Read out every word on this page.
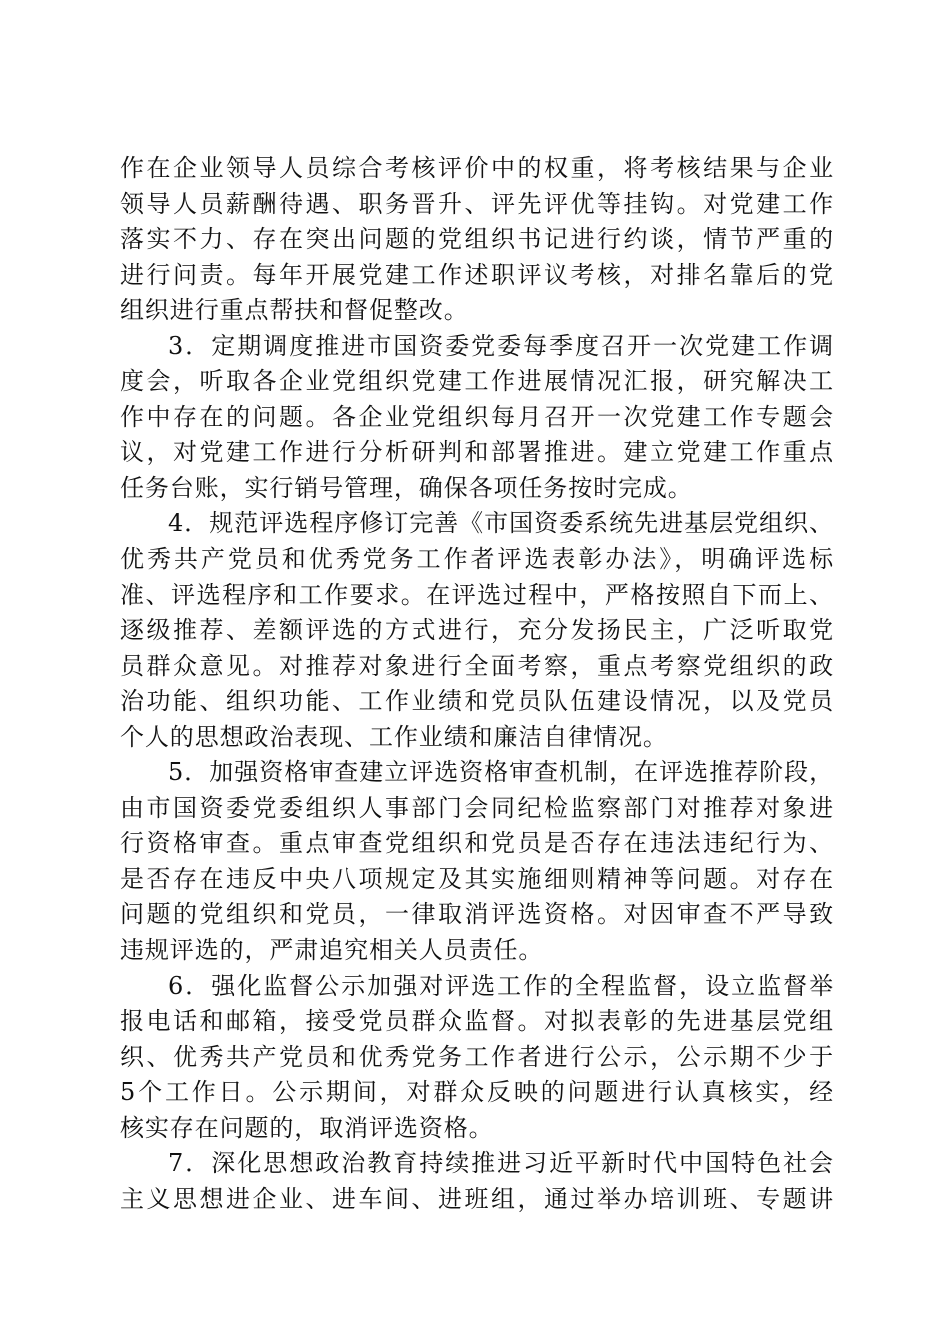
作在企业领导人员综合考核评价中的权重，将考核结果与企业
领导人员薪酬待遇、职务晋升、评先评优等挂钩。对党建工作
落实不力、存在突出问题的党组织书记进行约谈，情节严重的
进行问责。每年开展党建工作述职评议考核，对排名靠后的党
组织进行重点帮扶和督促整改。
3．定期调度推进市国资委党委每季度召开一次党建工作调
度会，听取各企业党组织党建工作进展情况汇报，研究解决工
作中存在的问题。各企业党组织每月召开一次党建工作专题会
议，对党建工作进行分析研判和部署推进。建立党建工作重点
任务台账，实行销号管理，确保各项任务按时完成。
4．规范评选程序修订完善《市国资委系统先进基层党组织、
优秀共产党员和优秀党务工作者评选表彰办法》，明确评选标
准、评选程序和工作要求。在评选过程中，严格按照自下而上、
逐级推荐、差额评选的方式进行，充分发扬民主，广泛听取党
员群众意见。对推荐对象进行全面考察，重点考察党组织的政
治功能、组织功能、工作业绩和党员队伍建设情况，以及党员
个人的思想政治表现、工作业绩和廉洁自律情况。
5．加强资格审查建立评选资格审查机制，在评选推荐阶段，
由市国资委党委组织人事部门会同纪检监察部门对推荐对象进
行资格审查。重点审查党组织和党员是否存在违法违纪行为、
是否存在违反中央八项规定及其实施细则精神等问题。对存在
问题的党组织和党员，一律取消评选资格。对因审查不严导致
违规评选的，严肃追究相关人员责任。
6．强化监督公示加强对评选工作的全程监督，设立监督举
报电话和邮箱，接受党员群众监督。对拟表彰的先进基层党组
织、优秀共产党员和优秀党务工作者进行公示，公示期不少于
5个工作日。公示期间，对群众反映的问题进行认真核实，经
核实存在问题的，取消评选资格。
7．深化思想政治教育持续推进习近平新时代中国特色社会
主义思想进企业、进车间、进班组，通过举办培训班、专题讲
